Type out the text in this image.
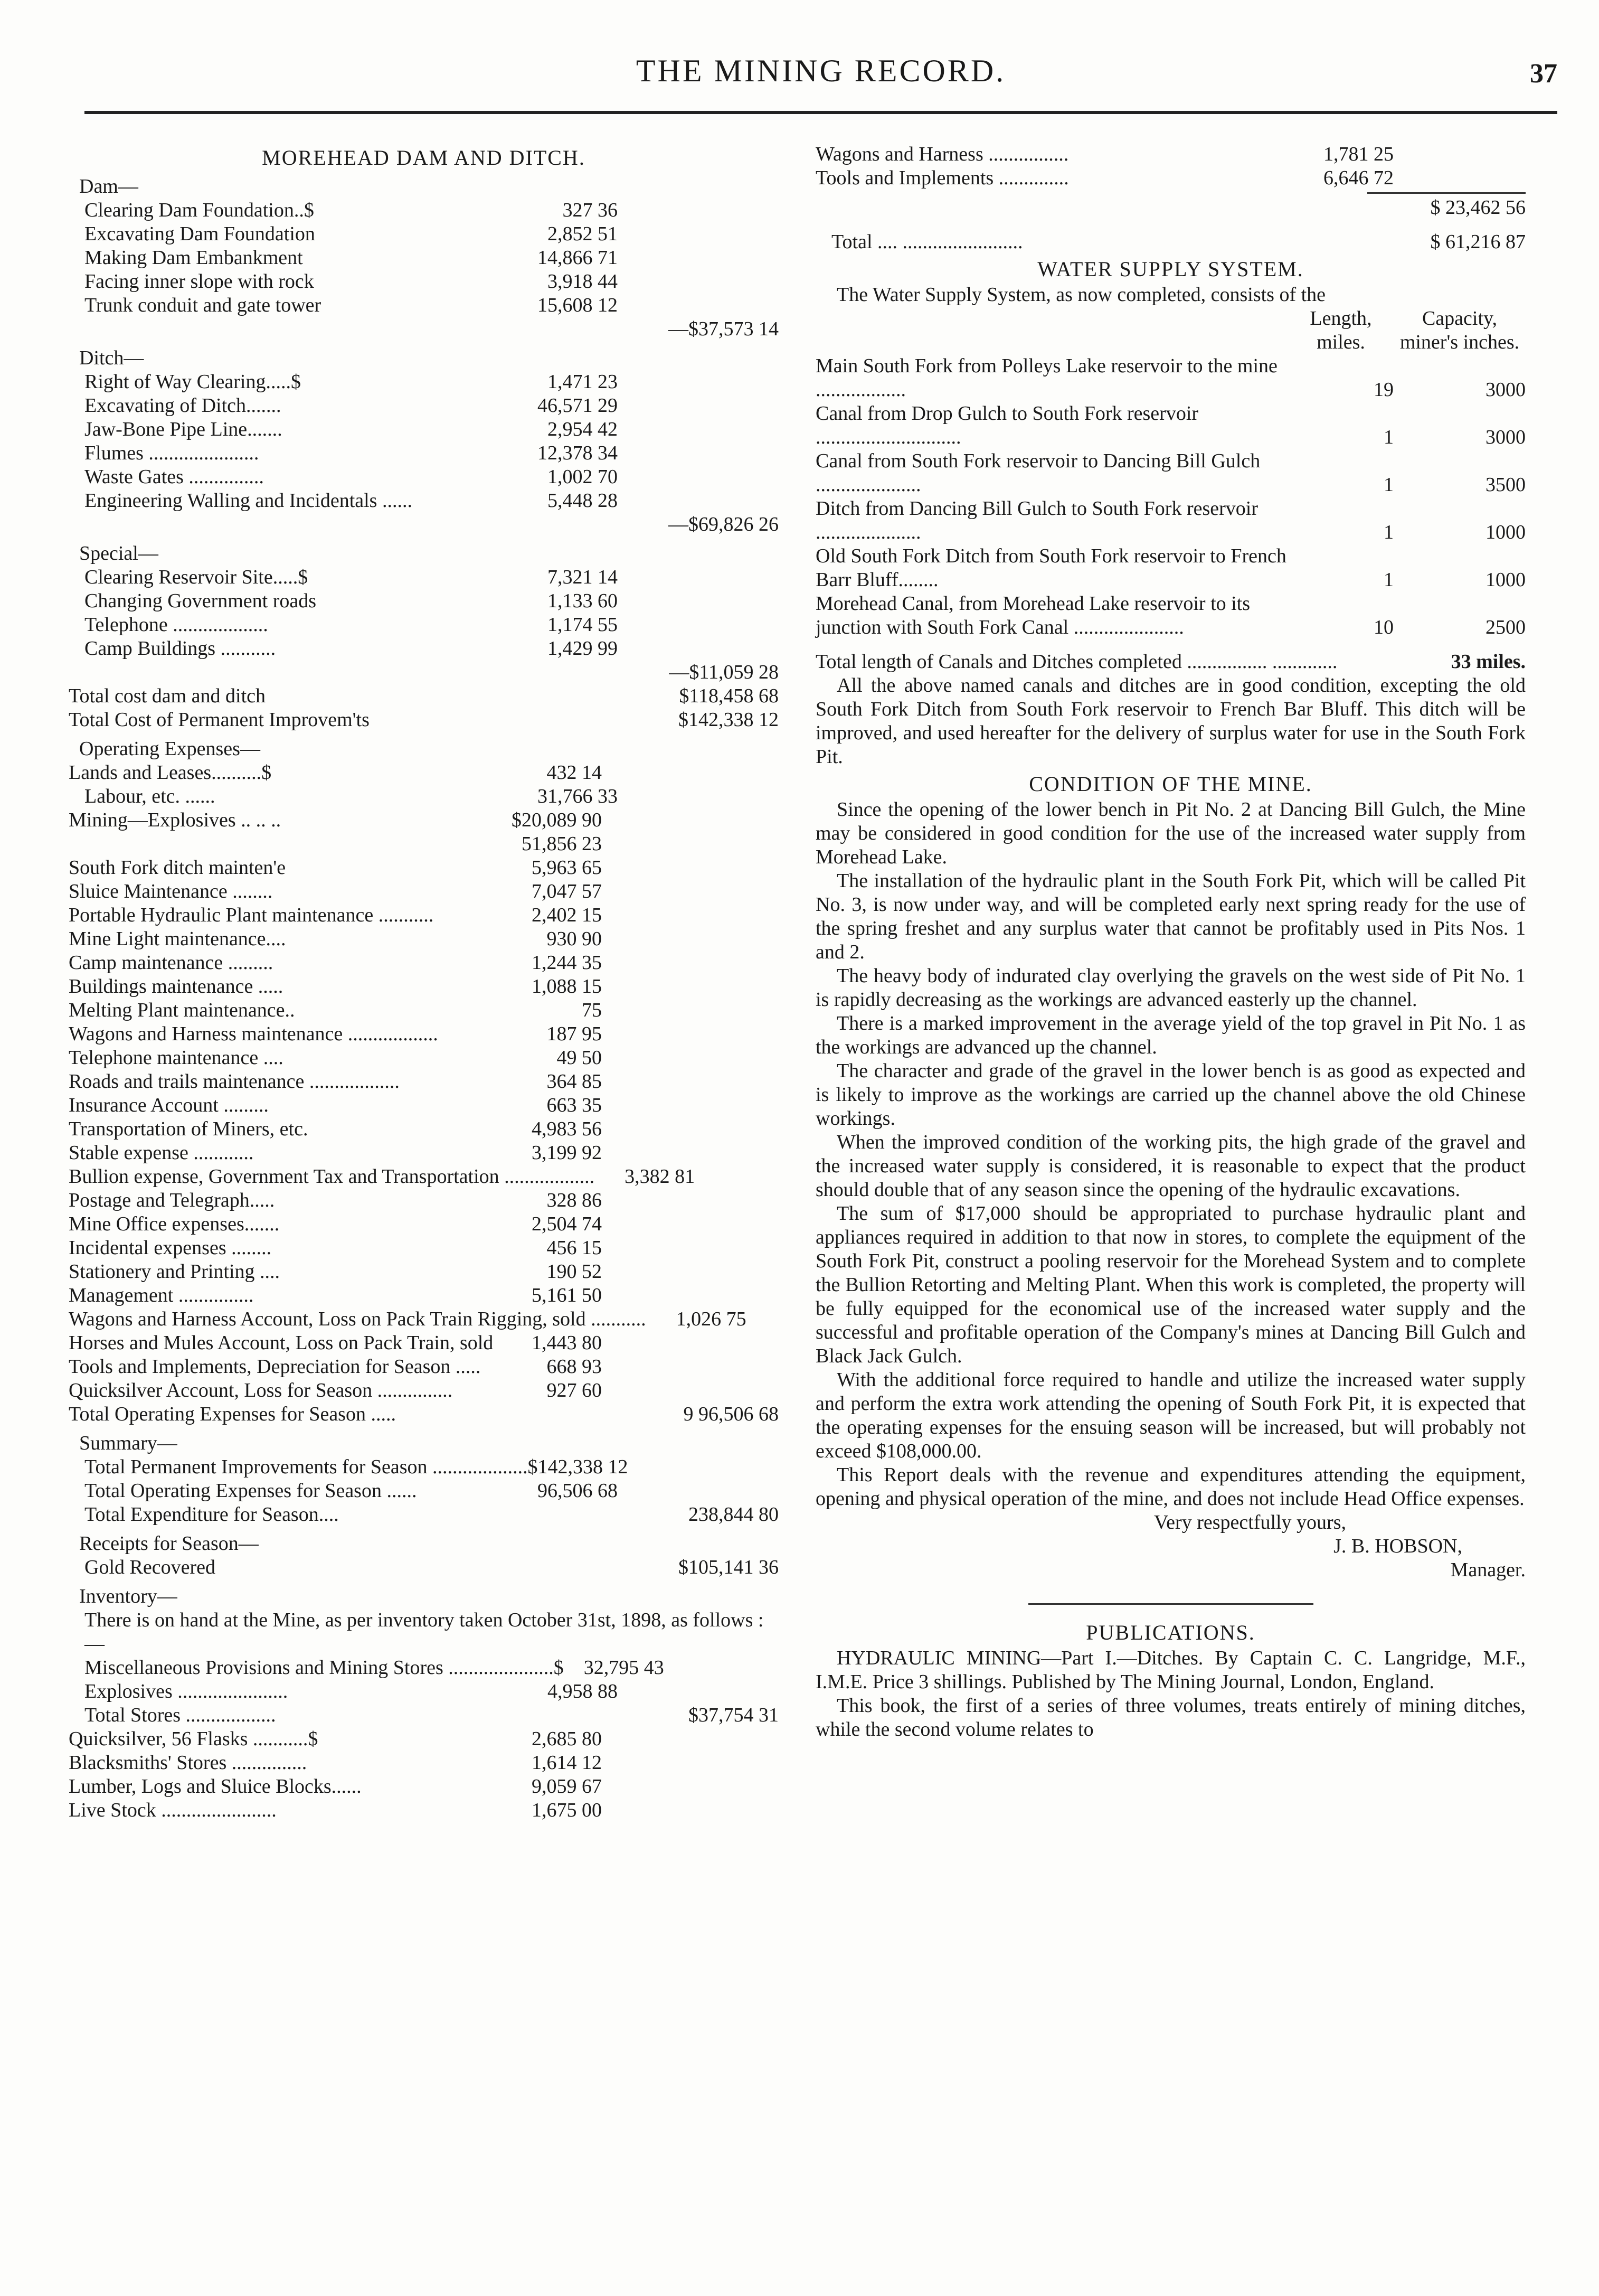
THE MINING RECORD.	37
MOREHEAD DAM AND DITCH.
Dam—
Clearing Dam Foundation..$	327 36
Excavating Dam Foundation	2,852 51
Making Dam Embankment	14,866 71
Facing inner slope with rock	3,918 44
Trunk conduit and gate tower	15,608 12
—$37,573 14
Ditch—
Right of Way Clearing.....$	1,471 23
Excavating of Ditch.......	46,571 29
Jaw-Bone Pipe Line.......	2,954 42
Flumes ......................	12,378 34
Waste Gates ...............	1,002 70
Engineering Walling and Incidentals ......	5,448 28
—$69,826 26
Special—
Clearing Reservoir Site.....$	7,321 14
Changing Government roads	1,133 60
Telephone ...................	1,174 55
Camp Buildings ...........	1,429 99
—$11,059 28
Total cost dam and ditch	$118,458 68
Total Cost of Permanent Improvem'ts	$142,338 12
Operating Expenses—
Lands and Leases..........$	432 14
Labour, etc. ......	31,766 33
Mining—Explosives .. .. ..	$20,089 90
51,856 23
South Fork ditch mainten'e	5,963 65
Sluice Maintenance ........	7,047 57
Portable Hydraulic Plant maintenance ...........	2,402 15
Mine Light maintenance....	930 90
Camp maintenance .........	1,244 35
Buildings maintenance .....	1,088 15
Melting Plant maintenance..	75
Wagons and Harness maintenance ..................	187 95
Telephone maintenance ....	49 50
Roads and trails maintenance ..................	364 85
Insurance Account .........	663 35
Transportation of Miners, etc.	4,983 56
Stable expense ............	3,199 92
Bullion expense, Government Tax and Transportation ..................	3,382 81
Postage and Telegraph.....	328 86
Mine Office expenses.......	2,504 74
Incidental expenses ........	456 15
Stationery and Printing ....	190 52
Management ...............	5,161 50
Wagons and Harness Account, Loss on Pack Train Rigging, sold ...........	1,026 75
Horses and Mules Account, Loss on Pack Train, sold	1,443 80
Tools and Implements, Depreciation for Season .....	668 93
Quicksilver Account, Loss for Season ...............	927 60
Total Operating Expenses for Season .....	9 96,506 68
Summary—
Total Permanent Improvements for Season ................... $142,338 12
Total Operating Expenses for Season ......	96,506 68
Total Expenditure for Season....	238,844 80
Receipts for Season—
Gold Recovered	$105,141 36
Inventory—
There is on hand at the Mine, as per inventory taken October 31st, 1898, as follows :—
Miscellaneous Provisions and Mining Stores .....................$	32,795 43
Explosives ......................	4,958 88
Total Stores ..................	$37,754 31
Quicksilver, 56 Flasks ...........$	2,685 80
Blacksmiths' Stores ...............	1,614 12
Lumber, Logs and Sluice Blocks......	9,059 67
Live Stock .......................	1,675 00
Wagons and Harness ................	1,781 25
Tools and Implements ..............	6,646 72
$ 23,462 56
Total .... ........................	$ 61,216 87
WATER SUPPLY SYSTEM.

The Water Supply System, as now completed, consists of the

Length, miles.
Capacity, miner's inches.
Main South Fork from Polleys Lake reservoir to the mine ..................	19	3000
Canal from Drop Gulch to South Fork reservoir .............................	1	3000
Canal from South Fork reservoir to Dancing Bill Gulch .....................	1	3500
Ditch from Dancing Bill Gulch to South Fork reservoir .....................	1	1000
Old South Fork Ditch from South Fork reservoir to French Barr Bluff........	1	1000
Morehead Canal, from Morehead Lake reservoir to its junction with South Fork Canal ......................	10	2500
Total length of Canals and Ditches completed ................ .............	33 miles.

All the above named canals and ditches are in good condition, excepting the old South Fork Ditch from South Fork reservoir to French Bar Bluff. This ditch will be improved, and used hereafter for the delivery of surplus water for use in the South Fork Pit.

CONDITION OF THE MINE.

Since the opening of the lower bench in Pit No. 2 at Dancing Bill Gulch, the Mine may be considered in good condition for the use of the increased water supply from Morehead Lake.

The installation of the hydraulic plant in the South Fork Pit, which will be called Pit No. 3, is now under way, and will be completed early next spring ready for the use of the spring freshet and any surplus water that cannot be profitably used in Pits Nos. 1 and 2.

The heavy body of indurated clay overlying the gravels on the west side of Pit No. 1 is rapidly decreasing as the workings are advanced easterly up the channel.

There is a marked improvement in the average yield of the top gravel in Pit No. 1 as the workings are advanced up the channel.

The character and grade of the gravel in the lower bench is as good as expected and is likely to improve as the workings are carried up the channel above the old Chinese workings.

When the improved condition of the working pits, the high grade of the gravel and the increased water supply is considered, it is reasonable to expect that the product should double that of any season since the opening of the hydraulic excavations.

The sum of $17,000 should be appropriated to purchase hydraulic plant and appliances required in addition to that now in stores, to complete the equipment of the South Fork Pit, construct a pooling reservoir for the Morehead System and to complete the Bullion Retorting and Melting Plant. When this work is completed, the property will be fully equipped for the economical use of the increased water supply and the successful and profitable operation of the Company's mines at Dancing Bill Gulch and Black Jack Gulch.

With the additional force required to handle and utilize the increased water supply and perform the extra work attending the opening of South Fork Pit, it is expected that the operating expenses for the ensuing season will be increased, but will probably not exceed $108,000.00.

This Report deals with the revenue and expenditures attending the equipment, opening and physical operation of the mine, and does not include Head Office expenses.

Very respectfully yours,
J. B. HOBSON,
Manager.
PUBLICATIONS.

HYDRAULIC MINING—Part I.—Ditches. By Captain C. C. Langridge, M.F., I.M.E. Price 3 shillings. Published by The Mining Journal, London, England.

This book, the first of a series of three volumes, treats entirely of mining ditches, while the second volume relates to
